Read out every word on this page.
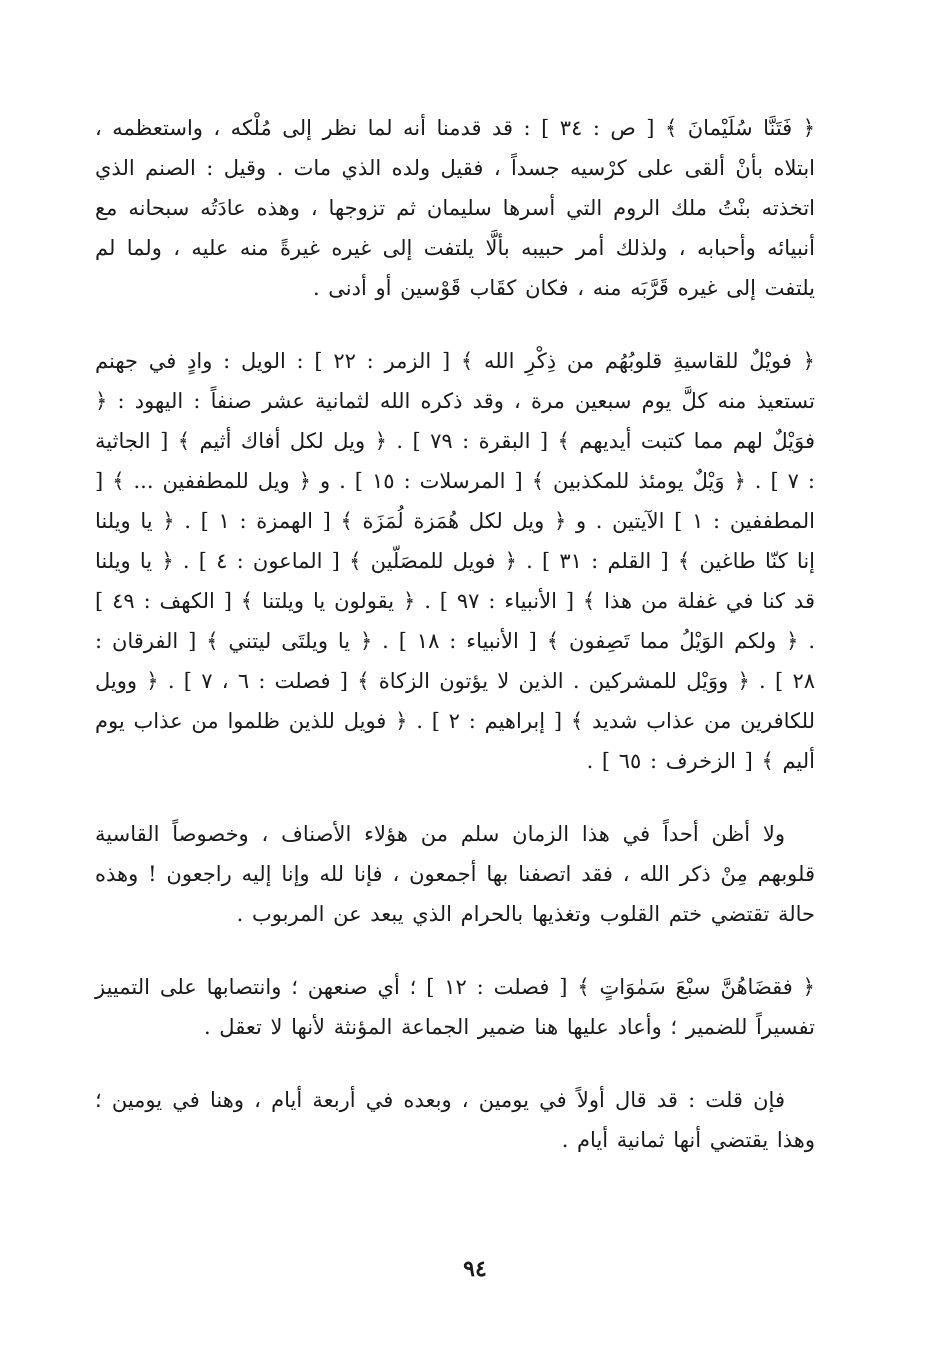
﴿ فَتَنَّا سُلَيْمانَ ﴾ [ ص : ٣٤ ] : قد قدمنا أنه لما نظر إلى مُلْكه ، واستعظمه ، ابتلاه بأنْ ألقى على كرْسيه جسداً ، فقيل ولده الذي مات . وقيل : الصنم الذي اتخذته بنْتُ ملك الروم التي أسرها سليمان ثم تزوجها ، وهذه عادَتُه سبحانه مع أنبيائه وأحبابه ، ولذلك أمر حبيبه بألَّا يلتفت إلى غيره غيرةً منه عليه ، ولما لم يلتفت إلى غيره قَرَّبَه منه ، فكان كقَاب قَوْسين أو أدنى .

﴿ فويْلٌ للقاسيةِ قلوبُهُم من ذِكْرِ الله ﴾ [ الزمر : ٢٢ ] : الويل : وادٍ في جهنم تستعيذ منه كلَّ يوم سبعين مرة ، وقد ذكره الله لثمانية عشر صنفاً : اليهود : ﴿ فوَيْلٌ لهم مما كتبت أيديهم ﴾ [ البقرة : ٧٩ ] . ﴿ ويل لكل أفاك أثيم ﴾ [ الجاثية : ٧ ] . ﴿ وَيْلٌ يومئذ للمكذبين ﴾ [ المرسلات : ١٥ ] . و ﴿ ويل للمطففين ... ﴾ [ المطففين : ١ ] الآيتين . و ﴿ ويل لكل هُمَزة لُمَزَة ﴾ [ الهمزة : ١ ] . ﴿ يا ويلنا إنا كنّا طاغين ﴾ [ القلم : ٣١ ] . ﴿ فويل للمصَلّين ﴾ [ الماعون : ٤ ] . ﴿ يا ويلنا قد كنا في غفلة من هذا ﴾ [ الأنبياء : ٩٧ ] . ﴿ يقولون يا ويلتنا ﴾ [ الكهف : ٤٩ ] . ﴿ ولكم الوَيْلُ مما تَصِفون ﴾ [ الأنبياء : ١٨ ] . ﴿ يا ويلتَى ليتني ﴾ [ الفرقان : ٢٨ ] . ﴿ ووَيْل للمشركين . الذين لا يؤتون الزكاة ﴾ [ فصلت : ٦ ، ٧ ] . ﴿ وويل للكافرين من عذاب شديد ﴾ [ إبراهيم : ٢ ] . ﴿ فويل للذين ظلموا من عذاب يوم أليم ﴾ [ الزخرف : ٦٥ ] .

ولا أظن أحداً في هذا الزمان سلم من هؤلاء الأصناف ، وخصوصاً القاسية قلوبهم مِنْ ذكر الله ، فقد اتصفنا بها أجمعون ، فإنا لله وإنا إليه راجعون ! وهذه حالة تقتضي ختم القلوب وتغذيها بالحرام الذي يبعد عن المربوب .

﴿ فقضَاهُنَّ سبْعَ سَمٰوَاتٍ ﴾ [ فصلت : ١٢ ] ؛ أي صنعهن ؛ وانتصابها على التمييز تفسيراً للضمير ؛ وأعاد عليها هنا ضمير الجماعة المؤنثة لأنها لا تعقل .

فإن قلت : قد قال أولاً في يومين ، وبعده في أربعة أيام ، وهنا في يومين ؛ وهذا يقتضي أنها ثمانية أيام .

٩٤
